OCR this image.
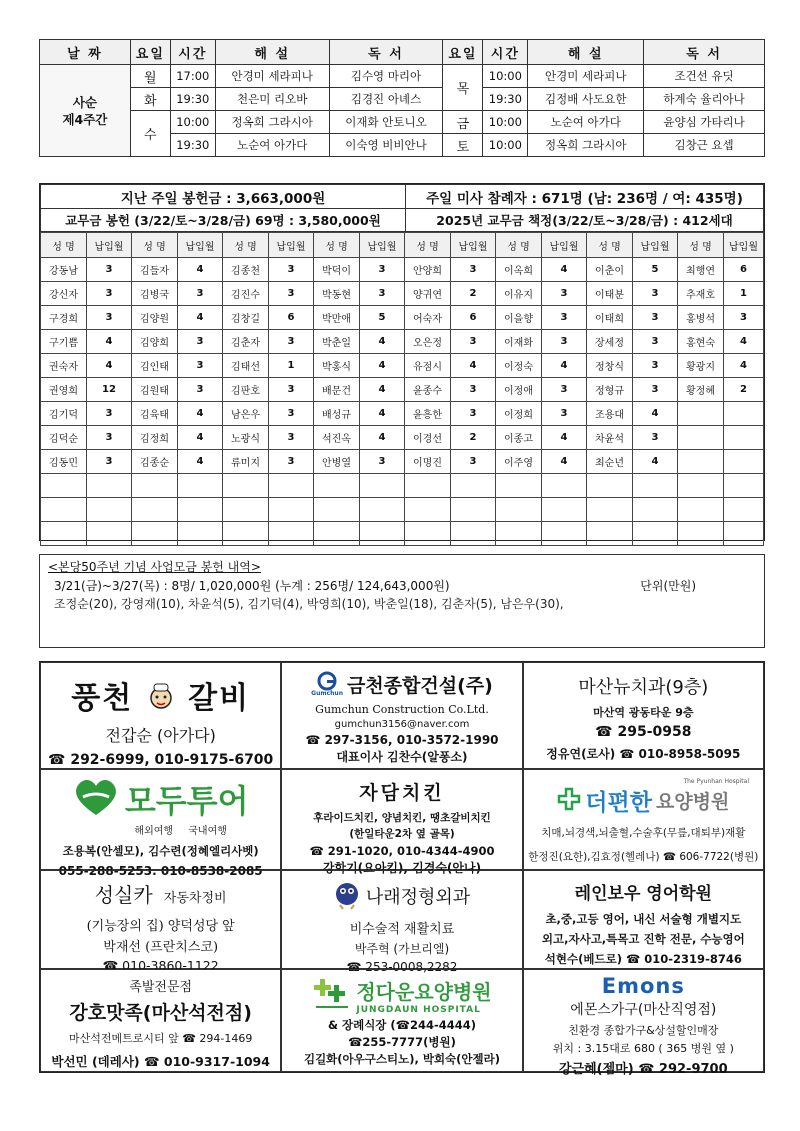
날 짜	요일	시간	해 설	독 서	요일	시간	해 설	독 서

사순
제4주간	월	17:00	안경미 세라피나	김수영 마리아	목	10:00	안경미 세라피나	조건선 유딧
	화	19:30	천은미 리오바	김경진 아녜스		19:30	김정배 사도요한	하계숙 율리아나
	수	10:00	정옥희 그라시아	이재화 안토니오	금	10:00	노순여 아가다	윤양심 가타리나
		19:30	노순여 아가다	이숙영 비비안나	토	10:00	정옥희 그라시아	김창근 요셉
지난 주일 봉헌금 : 3,663,000원	주일 미사 참례자 : 671명 (남: 236명 / 여: 435명)
교무금 봉헌 (3/22/토~3/28/금) 69명 : 3,580,000원	2025년 교무금 책정(3/22/토~3/28/금) : 412세대
성 명	납입월	성 명	납입월	성 명	납입월	성 명	납입월	성 명	납입월	성 명	납입월	성 명	납입월	성 명	납입월
강동남	3	김들자	4	김종천	3	박덕이	3	안양희	3	이옥희	4	이춘이	5	최행연	6
강신자	3	김병국	3	김진수	3	박동현	3	양귀연	2	이유지	3	이태분	3	추재호	1
구경희	3	김양원	4	김창길	6	박만애	5	어숙자	6	이을향	3	이태희	3	홍병석	3
구기쁨	4	김양희	3	김춘자	3	박춘일	4	오은정	3	이재화	3	장세정	3	홍현숙	4
권숙자	4	김인태	3	김태선	1	박홍식	4	유점시	4	이정숙	4	정창식	3	황광지	4
권영희	12	김원태	3	김판호	3	배문건	4	윤종수	3	이정애	3	정형규	3	황정혜	2
김기덕	3	김육태	4	남은우	3	배성규	4	윤흥한	3	이정희	3	조용대	4		
김덕순	3	김정희	4	노광식	3	석진옥	4	이경선	2	이종고	4	차윤석	3		
김동민	3	김종순	4	류미지	3	안병열	3	이명진	3	이주영	4	최순년	4		

<본당50주년 기념 사업모금 봉헌 내역>
3/21(금)~3/27(목) : 8명/ 1,020,000원 (누계 : 256명/ 124,643,000원)	단위(만원)
조정순(20), 강영재(10), 차윤석(5), 김기덕(4), 박영희(10), 박춘일(18), 김춘자(5), 남은우(30),
풍천 갈비
전갑순 (아가다)
☎ 292-6999, 010-9175-6700
Gumchun 금천종합건설(주)
Gumchun Construction Co.Ltd.
gumchun3156@naver.com
☎ 297-3156, 010-3572-1990
대표이사 김찬수(알퐁소)
마산뉴치과(9층)
마산역 광동타운 9층
☎ 295-0958
정유연(로사) ☎ 010-8958-5095
모두투어
해외여행 국내여행
조용복(안셀모), 김수련(정혜엘리사벳)
055-288-5253. 010-8538-2085
자담치킨
후라이드치킨, 양념치킨, 땡초갈비치킨
(한일타운2차 옆 골목)
☎ 291-1020, 010-4344-4900
강학기(요아킴), 김경숙(안나)
더편한 요양병원
The Pyunhan Hospital
치매,뇌경색,뇌출혈,수술후(무릎,대퇴부)재활
한정진(요한),김효정(헬레나) ☎ 606-7722(병원)
성실카 자동차정비
(기능장의 집) 양덕성당 앞
박재선 (프란치스코)
☎ 010-3860-1122
나래정형외과
비수술적 재활치료
박주혁 (가브리엘)
☎ 253-0008,2282
레인보우 영어학원
초,중,고등 영어, 내신 서술형 개별지도
외고,자사고,특목고 진학 전문, 수능영어
석현수(베드로) ☎ 010-2319-8746
족발전문점
강호맛족(마산석전점)
마산석전메트로시티 앞 ☎ 294-1469
박선민 (데레사) ☎ 010-9317-1094
정다운요양병원
JUNGDAUN HOSPITAL
& 장례식장 (☎244-4444)
☎255-7777(병원)
김길화(아우구스티노), 박희숙(안젤라)
Emons
에몬스가구(마산직영점)
친환경 종합가구&상설할인매장
위치 : 3.15대로 680 ( 365 병원 옆 )
강근혜(젬마) ☎ 292-9700
